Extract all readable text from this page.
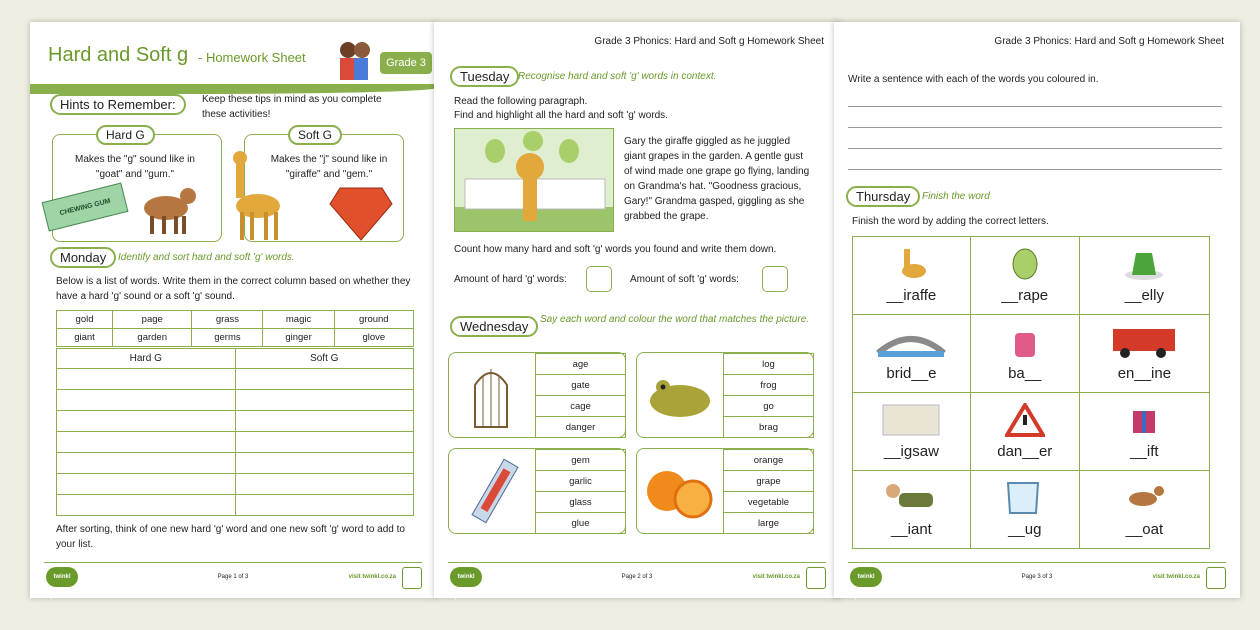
Hard and Soft g - Homework Sheet	Grade 3
Hints to Remember:	Keep these tips in mind as you complete these activities!
Hard G
Makes the "g" sound like in "goat" and "gum."
CHEWING GUM
Soft G
Makes the "j" sound like in "giraffe" and "gem."
Monday	Identify and sort hard and soft 'g' words.
Below is a list of words. Write them in the correct column based on whether they have a hard 'g' sound or a soft 'g' sound.
gold	page	grass	magic	ground
giant	garden	germs	ginger	glove
Hard G	Soft G

After sorting, think of one new hard 'g' word and one new soft 'g' word to add to your list.
twinkl phonics
Page 1 of 3	visit twinkl.co.za
Grade 3 Phonics: Hard and Soft g Homework Sheet
Tuesday Recognise hard and soft 'g' words in context.
Read the following paragraph.
Find and highlight all the hard and soft 'g' words.
Gary the giraffe giggled as he juggled giant grapes in the garden. A gentle gust of wind made one grape go flying, landing on Grandma's hat. "Goodness gracious, Gary!" Grandma gasped, giggling as she grabbed the grape.
Count how many hard and soft 'g' words you found and write them down.
Amount of hard 'g' words:	Amount of soft 'g' words:
Wednesday	Say each word and colour the word that matches the picture.
age
gate
cage
danger
log
frog
go
brag
gem
garlic
glass
glue
orange
grape
vegetable
large
twinkl phonics
Page 2 of 3	visit twinkl.co.za
Grade 3 Phonics: Hard and Soft g Homework Sheet
Write a sentence with each of the words you coloured in.
Thursday	Finish the word
Finish the word by adding the correct letters.
__iraffe	__rape	__elly

brid__e	ba__	en__ine

__igsaw	dan__er	__ift

__iant	__ug	__oat
twinkl phonics
Page 3 of 3	visit twinkl.co.za
